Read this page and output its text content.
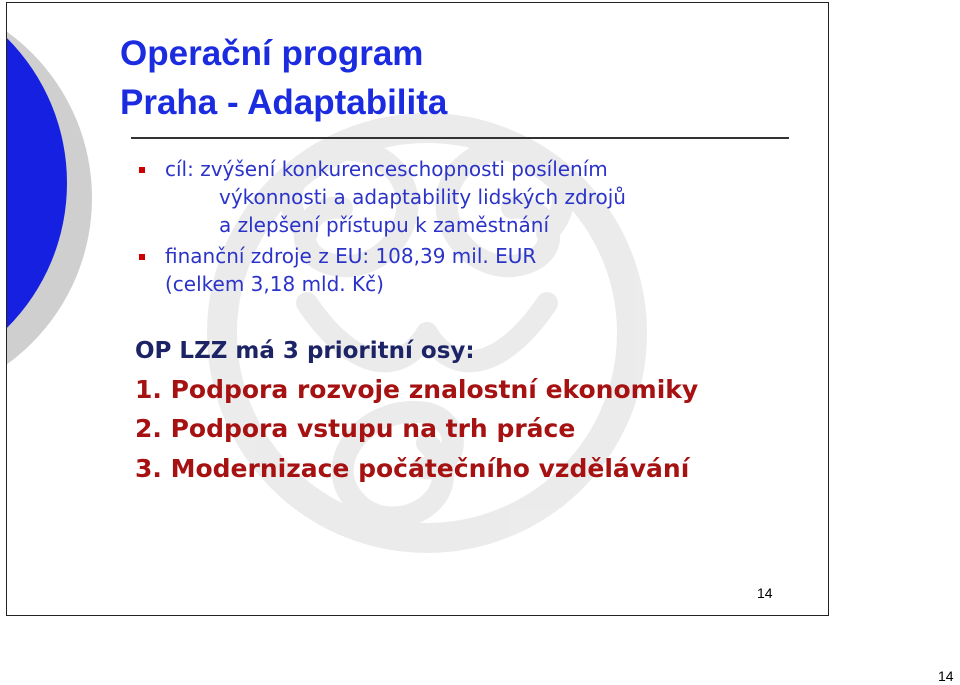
Operační program
Praha - Adaptabilita
cíl: zvýšení konkurenceschopnosti posílením
výkonnosti a adaptability lidských zdrojů
a zlepšení přístupu k zaměstnání
finanční zdroje z EU: 108,39 mil. EUR
(celkem 3,18 mld. Kč)
OP LZZ má 3 prioritní osy:
1. Podpora rozvoje znalostní ekonomiky
2. Podpora vstupu na trh práce
3. Modernizace počátečního vzdělávání
14
14
